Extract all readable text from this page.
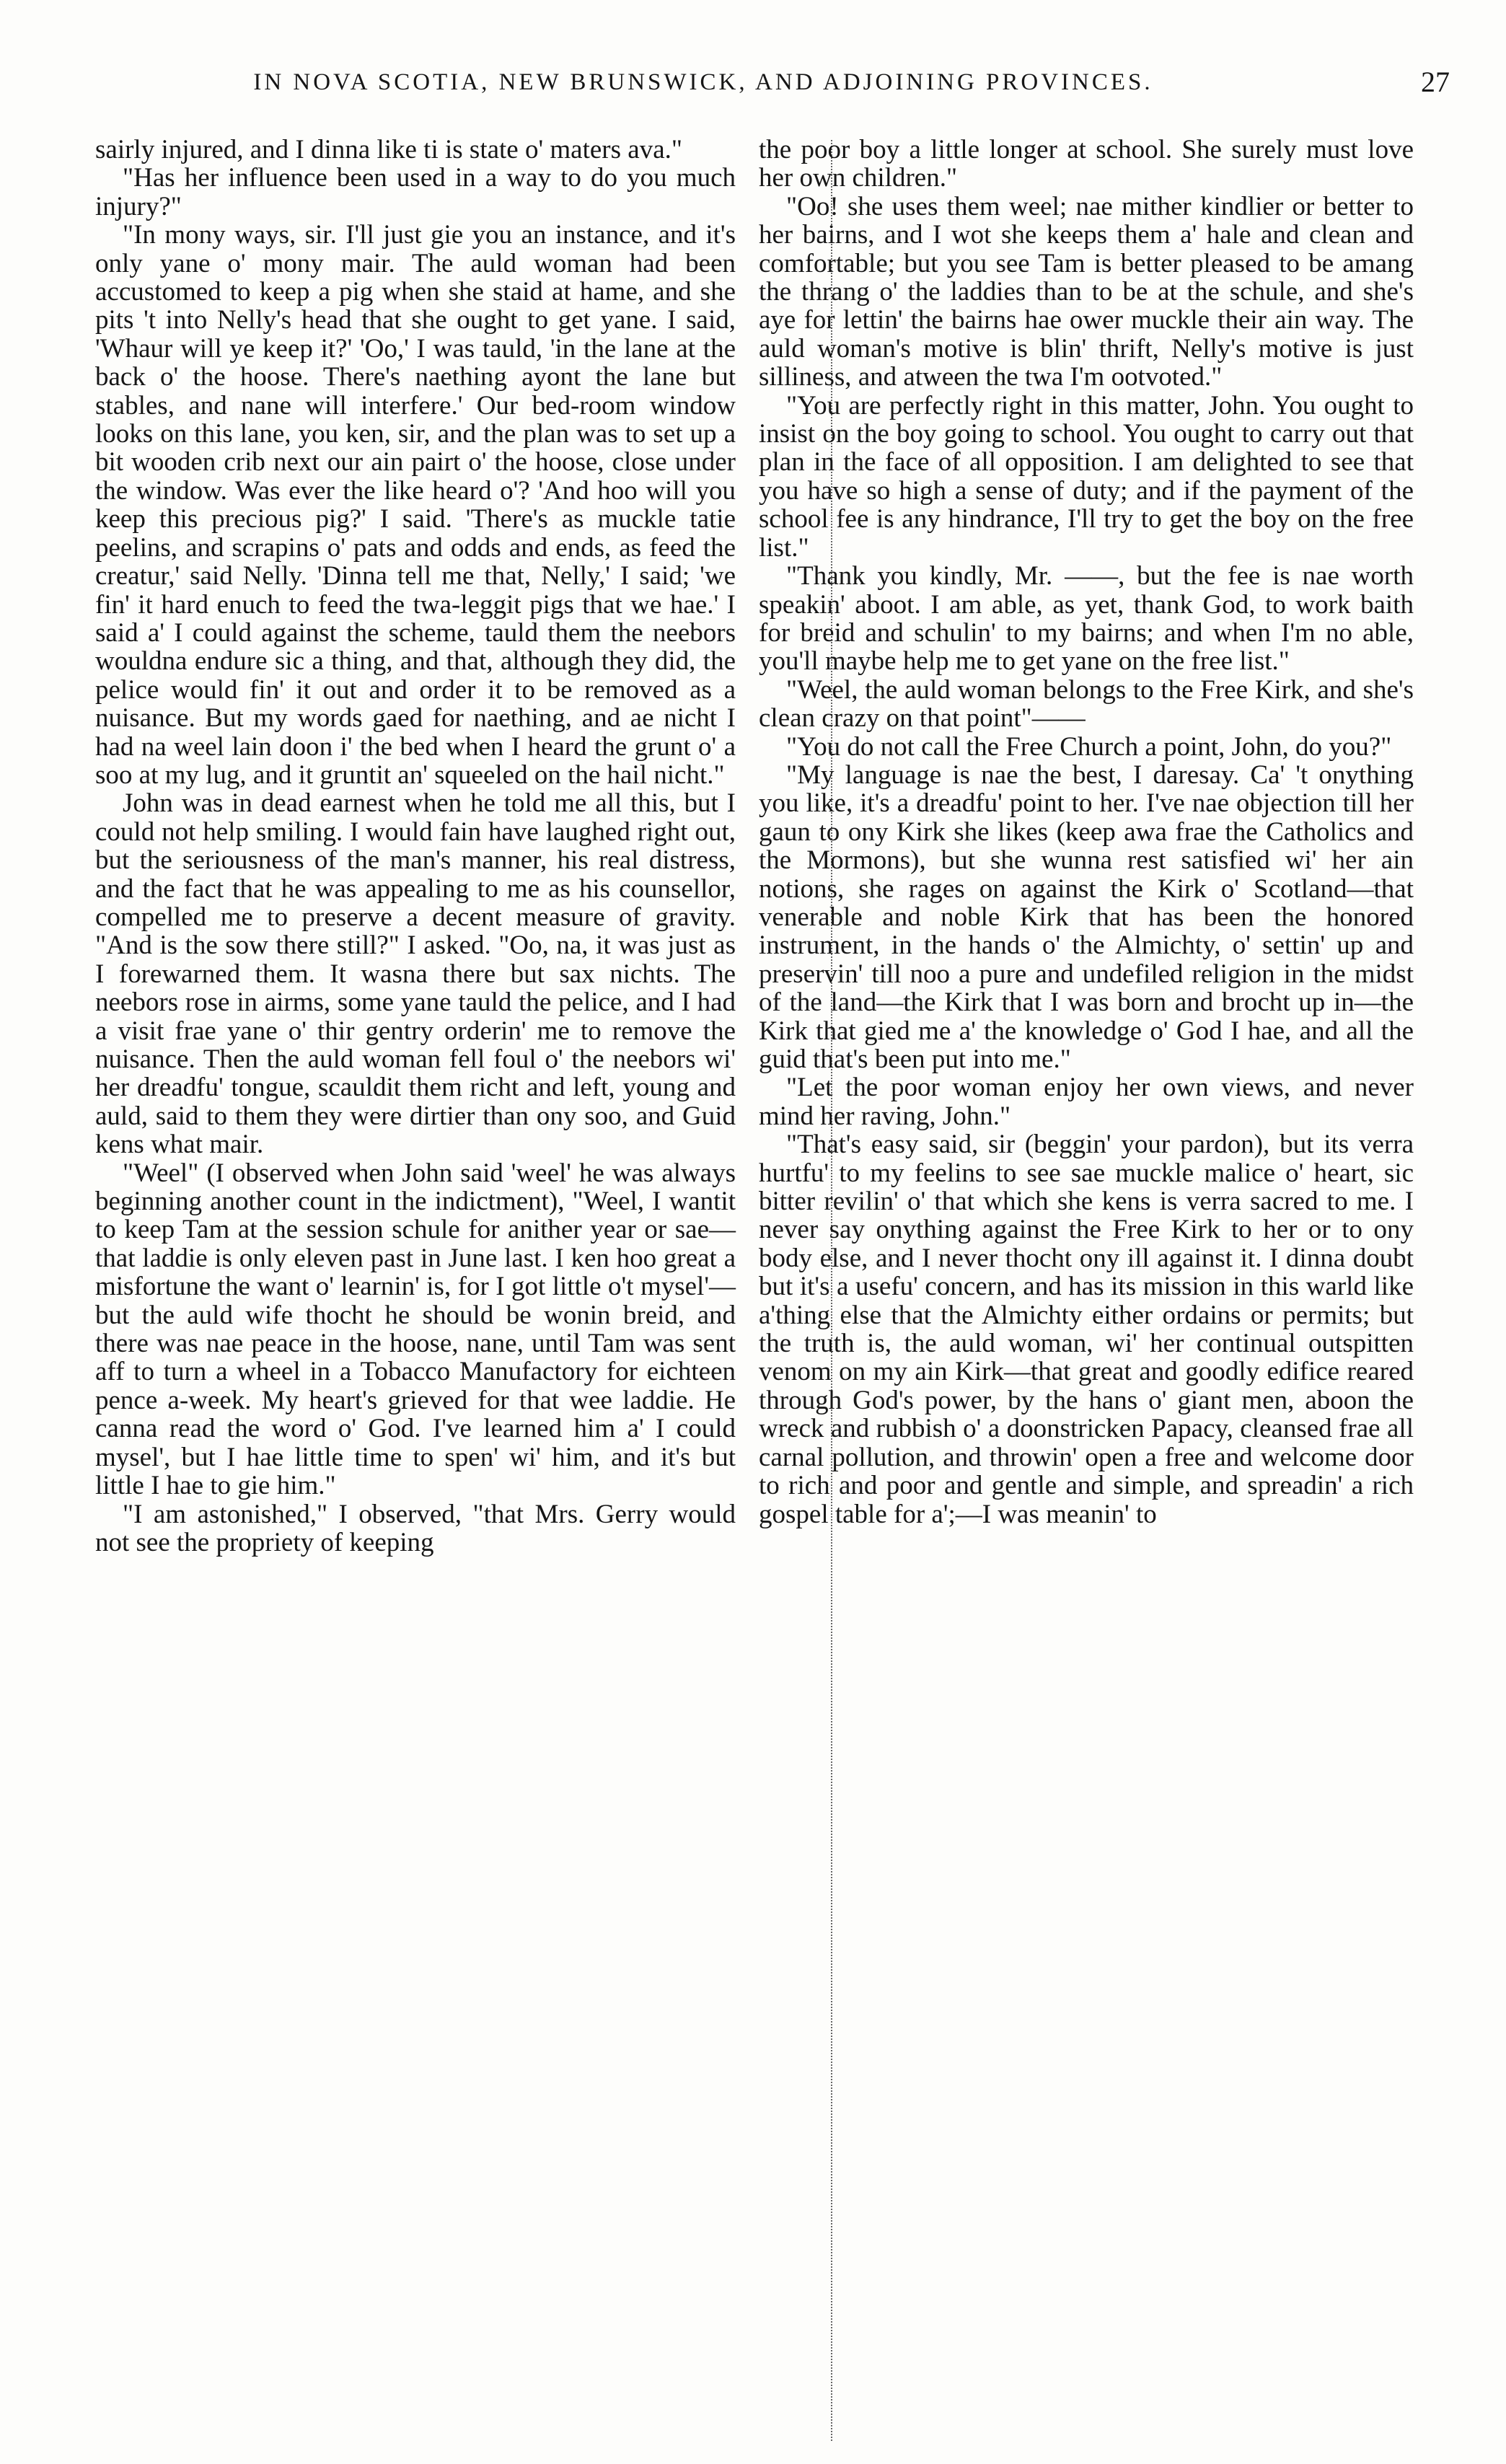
IN NOVA SCOTIA, NEW BRUNSWICK, AND ADJOINING PROVINCES.	27

sairly injured, and I dinna like ti is state o' maters ava."

"Has her influence been used in a way to do you much injury?"

"In mony ways, sir. I'll just gie you an instance, and it's only yane o' mony mair. The auld woman had been accustomed to keep a pig when she staid at hame, and she pits 't into Nelly's head that she ought to get yane. I said, 'Whaur will ye keep it?' 'Oo,' I was tauld, 'in the lane at the back o' the hoose. There's naething ayont the lane but stables, and nane will interfere.' Our bed-room window looks on this lane, you ken, sir, and the plan was to set up a bit wooden crib next our ain pairt o' the hoose, close under the window. Was ever the like heard o'? 'And hoo will you keep this precious pig?' I said. 'There's as muckle tatie peelins, and scrapins o' pats and odds and ends, as feed the creatur,' said Nelly. 'Dinna tell me that, Nelly,' I said; 'we fin' it hard enuch to feed the twa-leggit pigs that we hae.' I said a' I could against the scheme, tauld them the neebors wouldna endure sic a thing, and that, although they did, the pelice would fin' it out and order it to be removed as a nuisance. But my words gaed for naething, and ae nicht I had na weel lain doon i' the bed when I heard the grunt o' a soo at my lug, and it gruntit an' squeeled on the hail nicht."

John was in dead earnest when he told me all this, but I could not help smiling. I would fain have laughed right out, but the seriousness of the man's manner, his real distress, and the fact that he was appealing to me as his counsellor, compelled me to preserve a decent measure of gravity. "And is the sow there still?" I asked. "Oo, na, it was just as I forewarned them. It wasna there but sax nichts. The neebors rose in airms, some yane tauld the pelice, and I had a visit frae yane o' thir gentry orderin' me to remove the nuisance. Then the auld woman fell foul o' the neebors wi' her dreadfu' tongue, scauldit them richt and left, young and auld, said to them they were dirtier than ony soo, and Guid kens what mair.

"Weel" (I observed when John said 'weel' he was always beginning another count in the indictment), "Weel, I wantit to keep Tam at the session schule for anither year or sae—that laddie is only eleven past in June last. I ken hoo great a misfortune the want o' learnin' is, for I got little o't mysel'—but the auld wife thocht he should be wonin breid, and there was nae peace in the hoose, nane, until Tam was sent aff to turn a wheel in a Tobacco Manufactory for eichteen pence a-week. My heart's grieved for that wee laddie. He canna read the word o' God. I've learned him a' I could mysel', but I hae little time to spen' wi' him, and it's but little I hae to gie him."

"I am astonished," I observed, "that Mrs. Gerry would not see the propriety of keeping

the poor boy a little longer at school. She surely must love her own children."

"Oo! she uses them weel; nae mither kindlier or better to her bairns, and I wot she keeps them a' hale and clean and comfortable; but you see Tam is better pleased to be amang the thrang o' the laddies than to be at the schule, and she's aye for lettin' the bairns hae ower muckle their ain way. The auld woman's motive is blin' thrift, Nelly's motive is just silliness, and atween the twa I'm ootvoted."

"You are perfectly right in this matter, John. You ought to insist on the boy going to school. You ought to carry out that plan in the face of all opposition. I am delighted to see that you have so high a sense of duty; and if the payment of the school fee is any hindrance, I'll try to get the boy on the free list."

"Thank you kindly, Mr. ——, but the fee is nae worth speakin' aboot. I am able, as yet, thank God, to work baith for breid and schulin' to my bairns; and when I'm no able, you'll maybe help me to get yane on the free list."

"Weel, the auld woman belongs to the Free Kirk, and she's clean crazy on that point"——

"You do not call the Free Church a point, John, do you?"

"My language is nae the best, I daresay. Ca' 't onything you like, it's a dreadfu' point to her. I've nae objection till her gaun to ony Kirk she likes (keep awa frae the Catholics and the Mormons), but she wunna rest satisfied wi' her ain notions, she rages on against the Kirk o' Scotland—that venerable and noble Kirk that has been the honored instrument, in the hands o' the Almichty, o' settin' up and preservin' till noo a pure and undefiled religion in the midst of the land—the Kirk that I was born and brocht up in—the Kirk that gied me a' the knowledge o' God I hae, and all the guid that's been put into me."

"Let the poor woman enjoy her own views, and never mind her raving, John."

"That's easy said, sir (beggin' your pardon), but its verra hurtfu' to my feelins to see sae muckle malice o' heart, sic bitter revilin' o' that which she kens is verra sacred to me. I never say onything against the Free Kirk to her or to ony body else, and I never thocht ony ill against it. I dinna doubt but it's a usefu' concern, and has its mission in this warld like a'thing else that the Almichty either ordains or permits; but the truth is, the auld woman, wi' her continual outspitten venom on my ain Kirk—that great and goodly edifice reared through God's power, by the hans o' giant men, aboon the wreck and rubbish o' a doonstricken Papacy, cleansed frae all carnal pollution, and throwin' open a free and welcome door to rich and poor and gentle and simple, and spreadin' a rich gospel table for a';—I was meanin' to
